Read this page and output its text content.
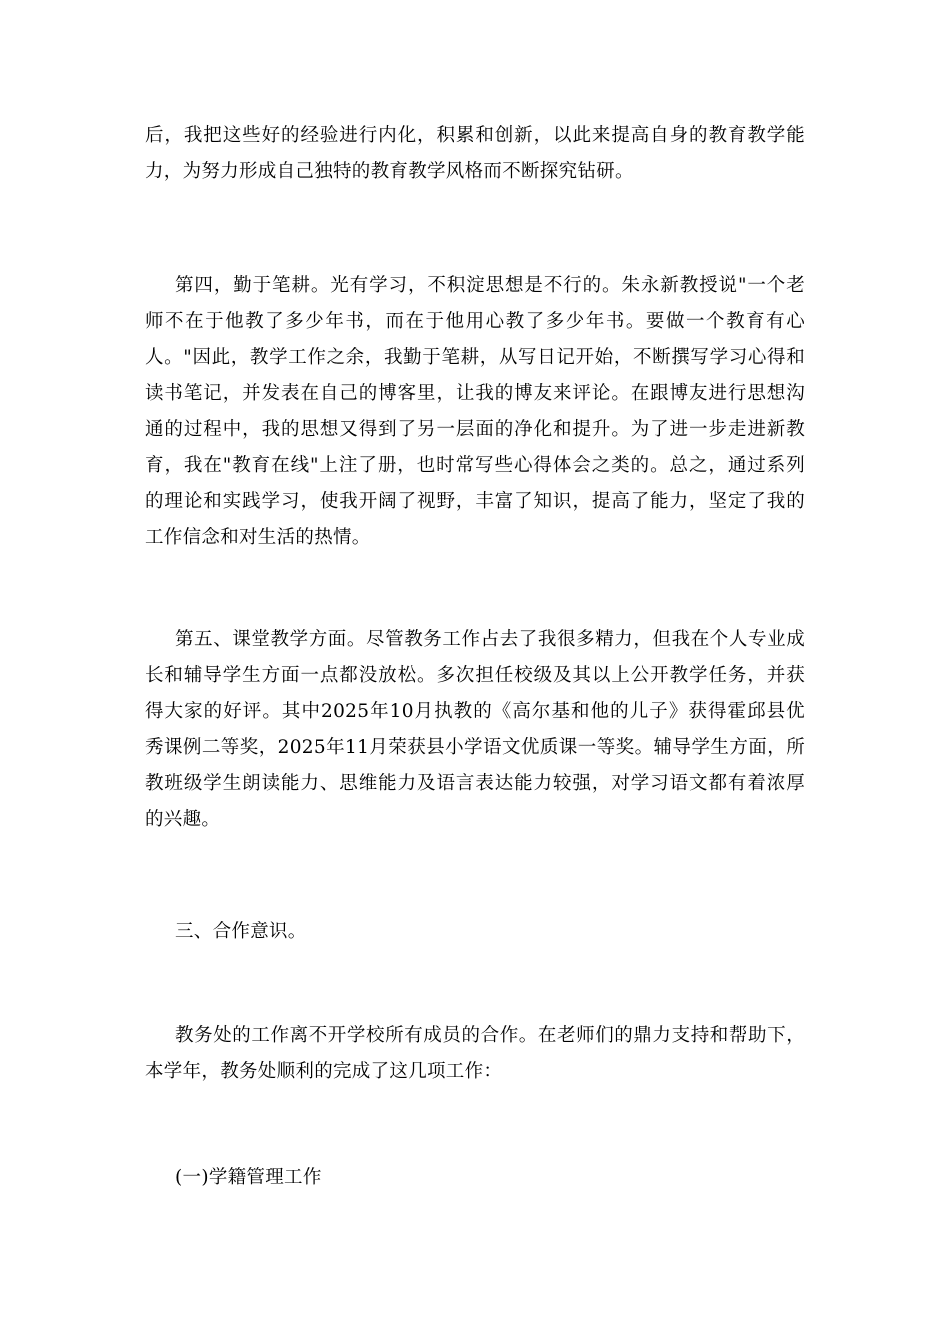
后，我把这些好的经验进行内化，积累和创新，以此来提高自身的教育教学能
力，为努力形成自己独特的教育教学风格而不断探究钻研。
第四，勤于笔耕。光有学习，不积淀思想是不行的。朱永新教授说"一个老
师不在于他教了多少年书，而在于他用心教了多少年书。要做一个教育有心
人。"因此，教学工作之余，我勤于笔耕，从写日记开始，不断撰写学习心得和
读书笔记，并发表在自己的博客里，让我的博友来评论。在跟博友进行思想沟
通的过程中，我的思想又得到了另一层面的净化和提升。为了进一步走进新教
育，我在"教育在线"上注了册，也时常写些心得体会之类的。总之，通过系列
的理论和实践学习，使我开阔了视野，丰富了知识，提高了能力，坚定了我的
工作信念和对生活的热情。
第五、课堂教学方面。尽管教务工作占去了我很多精力，但我在个人专业成
长和辅导学生方面一点都没放松。多次担任校级及其以上公开教学任务，并获
得大家的好评。其中2025年10月执教的《高尔基和他的儿子》获得霍邱县优
秀课例二等奖，2025年11月荣获县小学语文优质课一等奖。辅导学生方面，所
教班级学生朗读能力、思维能力及语言表达能力较强，对学习语文都有着浓厚
的兴趣。
三、合作意识。
教务处的工作离不开学校所有成员的合作。在老师们的鼎力支持和帮助下，
本学年，教务处顺利的完成了这几项工作：
(一)学籍管理工作
